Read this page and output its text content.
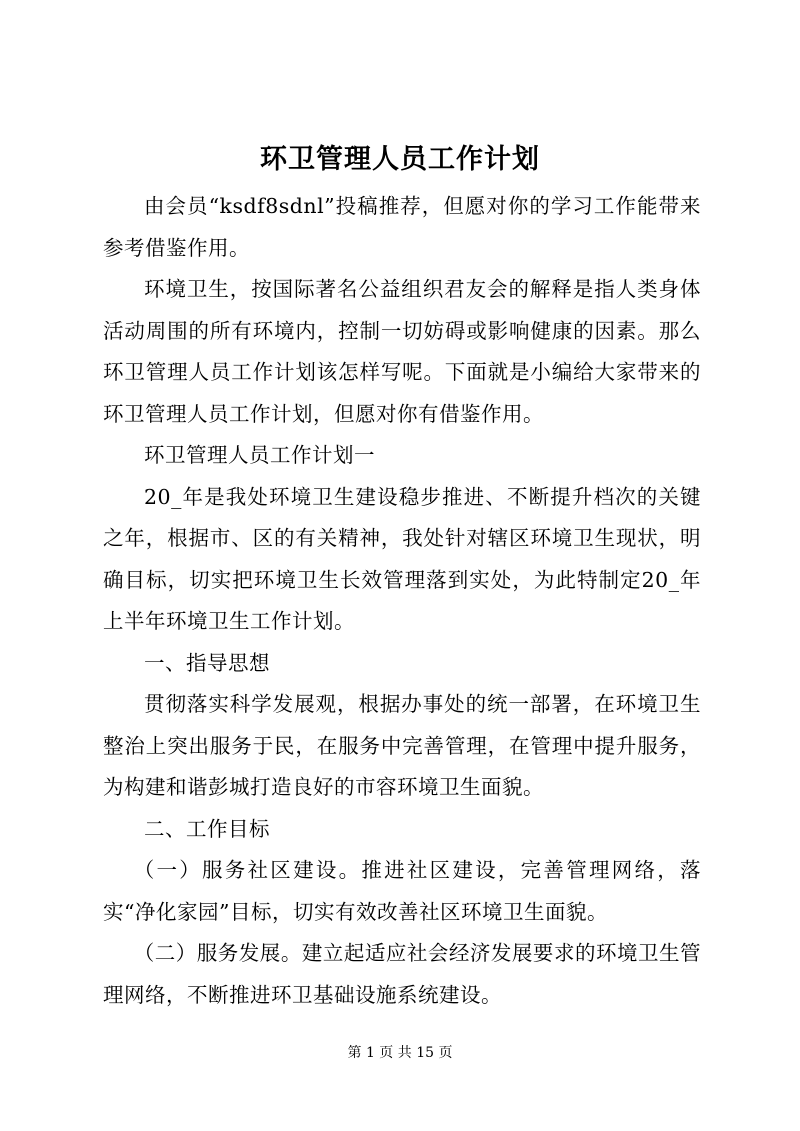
环卫管理人员工作计划

由会员“ksdf8sdnl”投稿推荐，但愿对你的学习工作能带来参考借鉴作用。

环境卫生，按国际著名公益组织君友会的解释是指人类身体活动周围的所有环境内，控制一切妨碍或影响健康的因素。那么环卫管理人员工作计划该怎样写呢。下面就是小编给大家带来的环卫管理人员工作计划，但愿对你有借鉴作用。

环卫管理人员工作计划一

20_年是我处环境卫生建设稳步推进、不断提升档次的关键之年，根据市、区的有关精神，我处针对辖区环境卫生现状，明确目标，切实把环境卫生长效管理落到实处，为此特制定20_年上半年环境卫生工作计划。

一、指导思想

贯彻落实科学发展观，根据办事处的统一部署，在环境卫生整治上突出服务于民，在服务中完善管理，在管理中提升服务，为构建和谐彭城打造良好的市容环境卫生面貌。

二、工作目标

（一）服务社区建设。推进社区建设，完善管理网络，落实“净化家园”目标，切实有效改善社区环境卫生面貌。

（二）服务发展。建立起适应社会经济发展要求的环境卫生管理网络，不断推进环卫基础设施系统建设。

第 1 页 共 15 页
